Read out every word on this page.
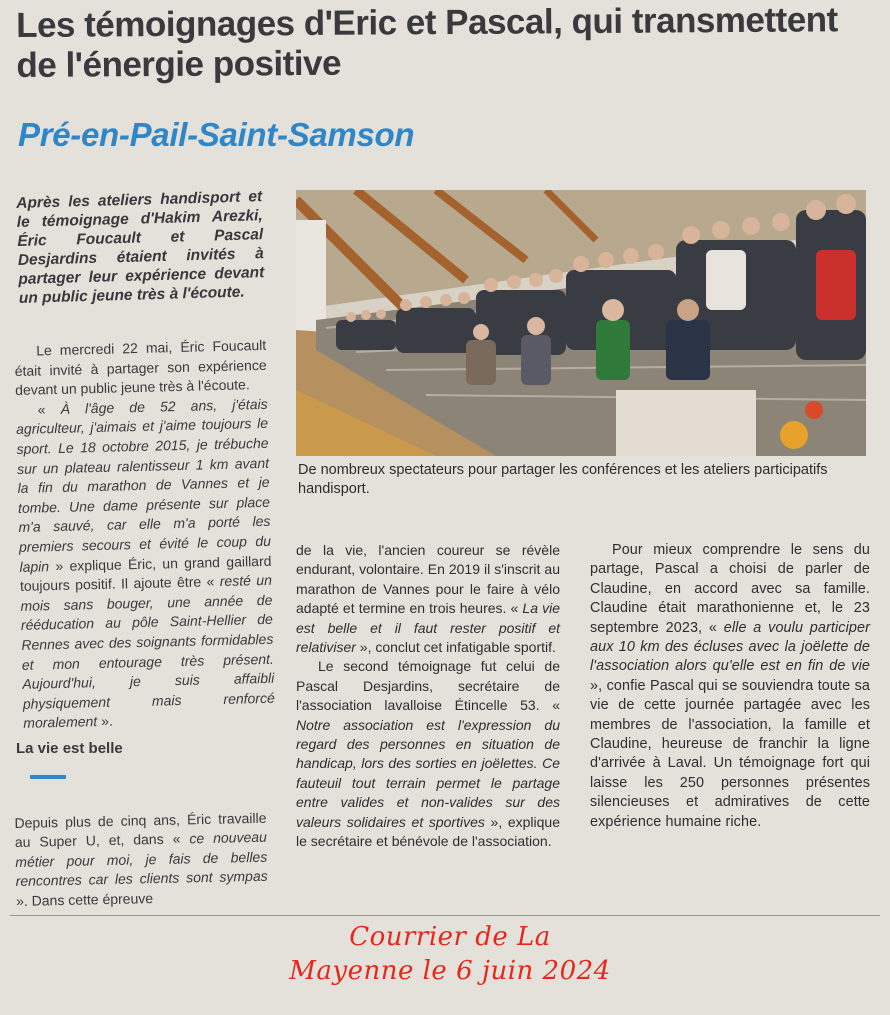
Les témoignages d'Eric et Pascal, qui transmettent de l'énergie positive
Pré-en-Pail-Saint-Samson
De nombreux spectateurs pour partager les conférences et les ateliers participatifs handisport.
Après les ateliers handisport et le témoignage d'Hakim Arezki, Éric Foucault et Pascal Desjardins étaient invités à partager leur expérience devant un public jeune très à l'écoute.

Le mercredi 22 mai, Éric Foucault était invité à partager son expérience devant un public jeune très à l'écoute.

« À l'âge de 52 ans, j'étais agriculteur, j'aimais et j'aime toujours le sport. Le 18 octobre 2015, je trébuche sur un plateau ralentisseur 1 km avant la fin du marathon de Vannes et je tombe. Une dame présente sur place m'a sauvé, car elle m'a porté les premiers secours et évité le coup du lapin » explique Éric, un grand gaillard toujours positif. Il ajoute être « resté un mois sans bouger, une année de rééducation au pôle Saint-Hellier de Rennes avec des soignants formidables et mon entourage très présent. Aujourd'hui, je suis affaibli physiquement mais renforcé moralement ».

La vie est belle

Depuis plus de cinq ans, Éric travaille au Super U, et, dans « ce nouveau métier pour moi, je fais de belles rencontres car les clients sont sympas ». Dans cette épreuve

de la vie, l'ancien coureur se révèle endurant, volontaire. En 2019 il s'inscrit au marathon de Vannes pour le faire à vélo adapté et termine en trois heures. « La vie est belle et il faut rester positif et relativiser », conclut cet infatigable sportif.

Le second témoignage fut celui de Pascal Desjardins, secrétaire de l'association lavalloise Étincelle 53. « Notre association est l'expression du regard des personnes en situation de handicap, lors des sorties en joëlettes. Ce fauteuil tout terrain permet le partage entre valides et non-valides sur des valeurs solidaires et sportives », explique le secrétaire et bénévole de l'association.

Pour mieux comprendre le sens du partage, Pascal a choisi de parler de Claudine, en accord avec sa famille. Claudine était marathonienne et, le 23 septembre 2023, « elle a voulu participer aux 10 km des écluses avec la joëlette de l'association alors qu'elle est en fin de vie », confie Pascal qui se souviendra toute sa vie de cette journée partagée avec les membres de l'association, la famille et Claudine, heureuse de franchir la ligne d'arrivée à Laval. Un témoignage fort qui laisse les 250 personnes présentes silencieuses et admiratives de cette expérience humaine riche.

Courrier de La
Mayenne le 6 juin 2024
